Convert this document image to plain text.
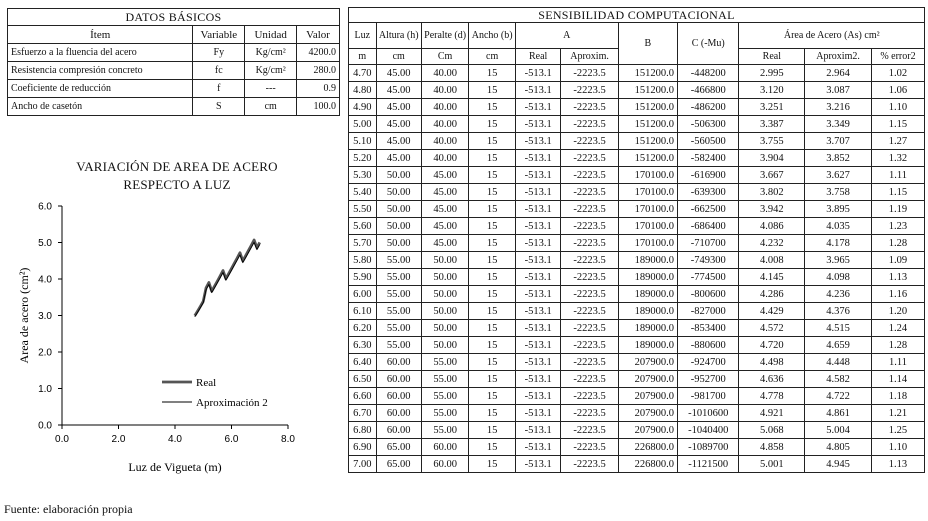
DATOS BÁSICOS			
Ítem	Variable	Unidad	Valor
Esfuerzo a la fluencia del acero	Fy	Kg/cm²	4200.0
Resistencia compresión concreto	fc	Kg/cm²	280.0
Coeficiente de reducción	f	---	0.9
Ancho de casetón	S	cm	100.0
SENSIBILIDAD COMPUTACIONAL										
Luz	Altura (h)	Peralte (d)	Ancho (b)	A		B	C (-Mu)	Área de Acero (As) cm²		
m	cm	Cm	cm	Real	Aproxim.			Real	Aproxim2.	% error2
4.70	45.00	40.00	15	-513.1	-2223.5	151200.0	-448200	2.995	2.964	1.02
4.80	45.00	40.00	15	-513.1	-2223.5	151200.0	-466800	3.120	3.087	1.06
4.90	45.00	40.00	15	-513.1	-2223.5	151200.0	-486200	3.251	3.216	1.10
5.00	45.00	40.00	15	-513.1	-2223.5	151200.0	-506300	3.387	3.349	1.15
5.10	45.00	40.00	15	-513.1	-2223.5	151200.0	-560500	3.755	3.707	1.27
5.20	45.00	40.00	15	-513.1	-2223.5	151200.0	-582400	3.904	3.852	1.32
5.30	50.00	45.00	15	-513.1	-2223.5	170100.0	-616900	3.667	3.627	1.11
5.40	50.00	45.00	15	-513.1	-2223.5	170100.0	-639300	3.802	3.758	1.15
5.50	50.00	45.00	15	-513.1	-2223.5	170100.0	-662500	3.942	3.895	1.19
5.60	50.00	45.00	15	-513.1	-2223.5	170100.0	-686400	4.086	4.035	1.23
5.70	50.00	45.00	15	-513.1	-2223.5	170100.0	-710700	4.232	4.178	1.28
5.80	55.00	50.00	15	-513.1	-2223.5	189000.0	-749300	4.008	3.965	1.09
5.90	55.00	50.00	15	-513.1	-2223.5	189000.0	-774500	4.145	4.098	1.13
6.00	55.00	50.00	15	-513.1	-2223.5	189000.0	-800600	4.286	4.236	1.16
6.10	55.00	50.00	15	-513.1	-2223.5	189000.0	-827000	4.429	4.376	1.20
6.20	55.00	50.00	15	-513.1	-2223.5	189000.0	-853400	4.572	4.515	1.24
6.30	55.00	50.00	15	-513.1	-2223.5	189000.0	-880600	4.720	4.659	1.28
6.40	60.00	55.00	15	-513.1	-2223.5	207900.0	-924700	4.498	4.448	1.11
6.50	60.00	55.00	15	-513.1	-2223.5	207900.0	-952700	4.636	4.582	1.14
6.60	60.00	55.00	15	-513.1	-2223.5	207900.0	-981700	4.778	4.722	1.18
6.70	60.00	55.00	15	-513.1	-2223.5	207900.0	-1010600	4.921	4.861	1.21
6.80	60.00	55.00	15	-513.1	-2223.5	207900.0	-1040400	5.068	5.004	1.25
6.90	65.00	60.00	15	-513.1	-2223.5	226800.0	-1089700	4.858	4.805	1.10
7.00	65.00	60.00	15	-513.1	-2223.5	226800.0	-1121500	5.001	4.945	1.13
VARIACIÓN DE AREA DE ACERO
RESPECTO A LUZ
0.0
1.0
2.0
3.0
4.0
5.0
6.0
0.0	2.0	4.0	6.0	8.0
Luz de Vigueta (m)
Area de acero (cm²)
Real
Aproximación 2
Fuente: elaboración propia
